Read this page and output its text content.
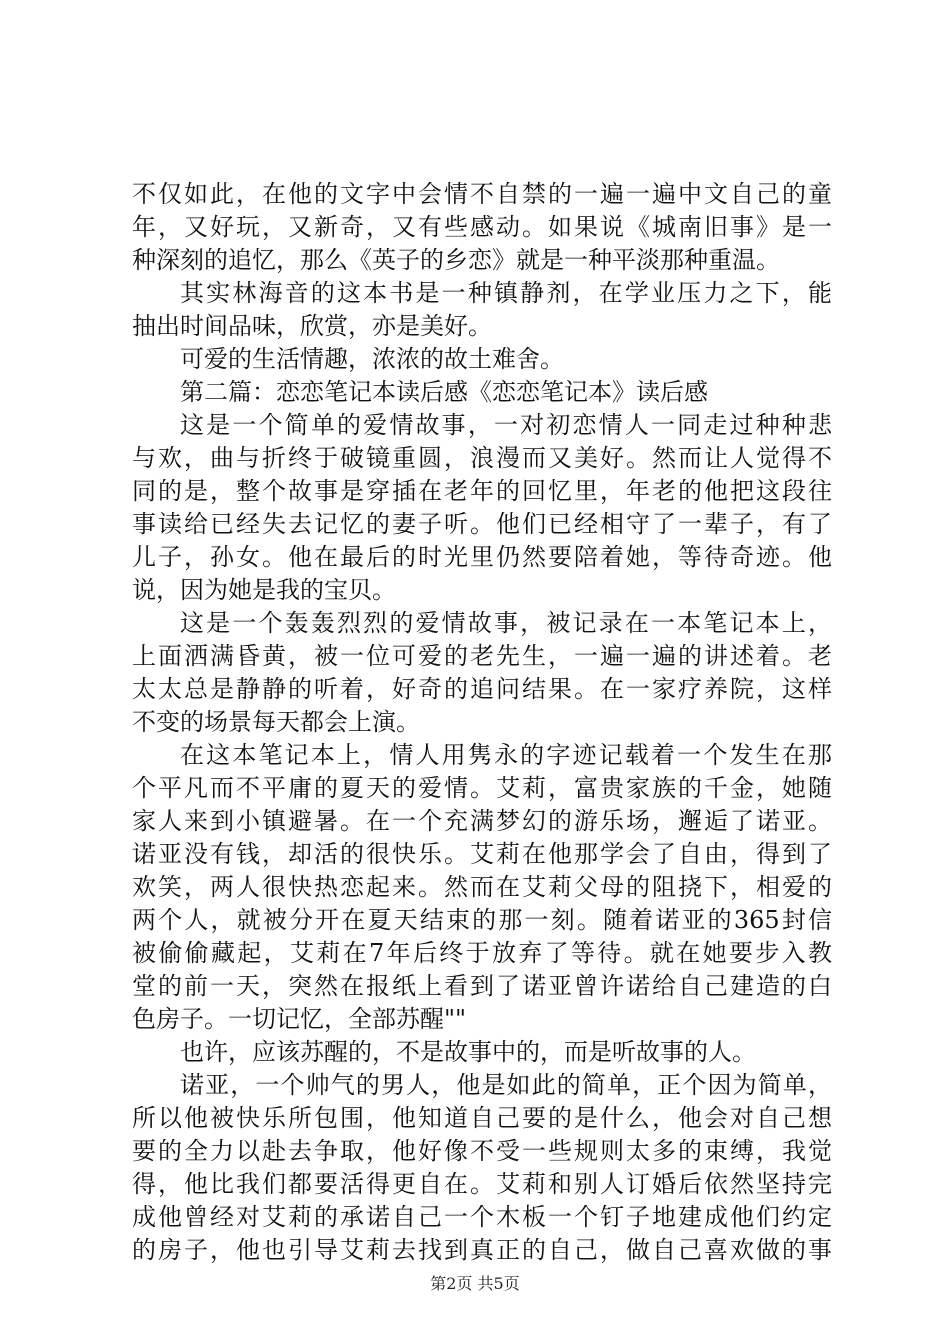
不仅如此，在他的文字中会情不自禁的一遍一遍中文自己的童
年，又好玩，又新奇，又有些感动。如果说《城南旧事》是一
种深刻的追忆，那么《英子的乡恋》就是一种平淡那种重温。
其实林海音的这本书是一种镇静剂，在学业压力之下，能
抽出时间品味，欣赏，亦是美好。
可爱的生活情趣，浓浓的故土难舍。
第二篇：恋恋笔记本读后感《恋恋笔记本》读后感
这是一个简单的爱情故事，一对初恋情人一同走过种种悲
与欢，曲与折终于破镜重圆，浪漫而又美好。然而让人觉得不
同的是，整个故事是穿插在老年的回忆里，年老的他把这段往
事读给已经失去记忆的妻子听。他们已经相守了一辈子，有了
儿子，孙女。他在最后的时光里仍然要陪着她，等待奇迹。他
说，因为她是我的宝贝。
这是一个轰轰烈烈的爱情故事，被记录在一本笔记本上，
上面洒满昏黄，被一位可爱的老先生，一遍一遍的讲述着。老
太太总是静静的听着，好奇的追问结果。在一家疗养院，这样
不变的场景每天都会上演。
在这本笔记本上，情人用隽永的字迹记载着一个发生在那
个平凡而不平庸的夏天的爱情。艾莉，富贵家族的千金，她随
家人来到小镇避暑。在一个充满梦幻的游乐场，邂逅了诺亚。
诺亚没有钱，却活的很快乐。艾莉在他那学会了自由，得到了
欢笑，两人很快热恋起来。然而在艾莉父母的阻挠下，相爱的
两个人，就被分开在夏天结束的那一刻。随着诺亚的365封信
被偷偷藏起，艾莉在7年后终于放弃了等待。就在她要步入教
堂的前一天，突然在报纸上看到了诺亚曾许诺给自己建造的白
色房子。一切记忆，全部苏醒""
也许，应该苏醒的，不是故事中的，而是听故事的人。
诺亚，一个帅气的男人，他是如此的简单，正个因为简单，
所以他被快乐所包围，他知道自己要的是什么，他会对自己想
要的全力以赴去争取，他好像不受一些规则太多的束缚，我觉
得，他比我们都要活得更自在。艾莉和别人订婚后依然坚持完
成他曾经对艾莉的承诺自己一个木板一个钉子地建成他们约定
的房子，他也引导艾莉去找到真正的自己，做自己喜欢做的事
第2页 共5页
